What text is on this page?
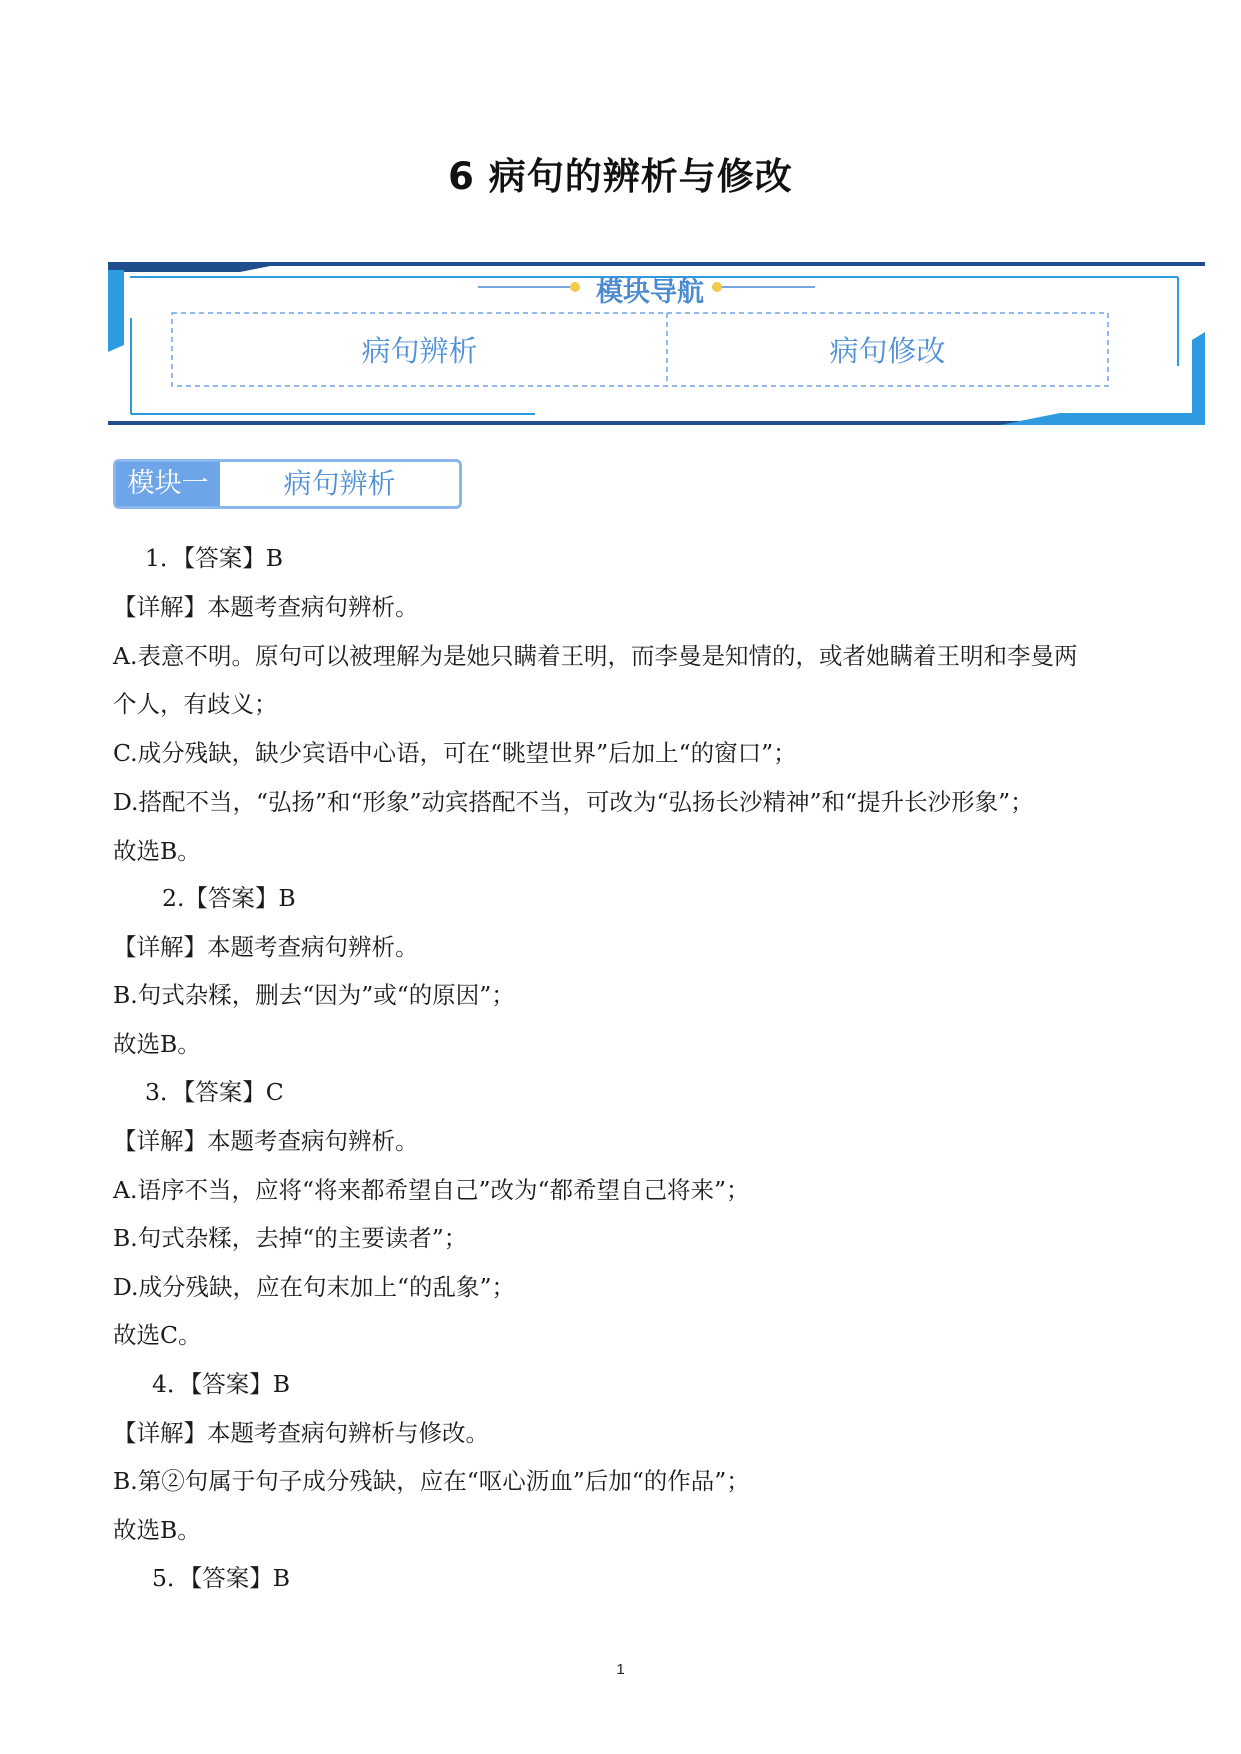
6 病句的辨析与修改
模块导航
病句辨析	病句修改
模块一	病句辨析
1．【答案】B
【详解】本题考查病句辨析。
A.表意不明。原句可以被理解为是她只瞒着王明，而李曼是知情的，或者她瞒着王明和李曼两
个人，有歧义；
C.成分残缺，缺少宾语中心语，可在“眺望世界”后加上“的窗口”；
D.搭配不当，“弘扬”和“形象”动宾搭配不当，可改为“弘扬长沙精神”和“提升长沙形象”；
故选B。
2.【答案】B
【详解】本题考查病句辨析。
B.句式杂糅，删去“因为”或“的原因”；
故选B。
3．【答案】C
【详解】本题考查病句辨析。
A.语序不当，应将“将来都希望自己”改为“都希望自己将来”；
B.句式杂糅，去掉“的主要读者”；
D.成分残缺，应在句末加上“的乱象”；
故选C。
4．【答案】B
【详解】本题考查病句辨析与修改。
B.第②句属于句子成分残缺，应在“呕心沥血”后加“的作品”；
故选B。
5．【答案】B
1
